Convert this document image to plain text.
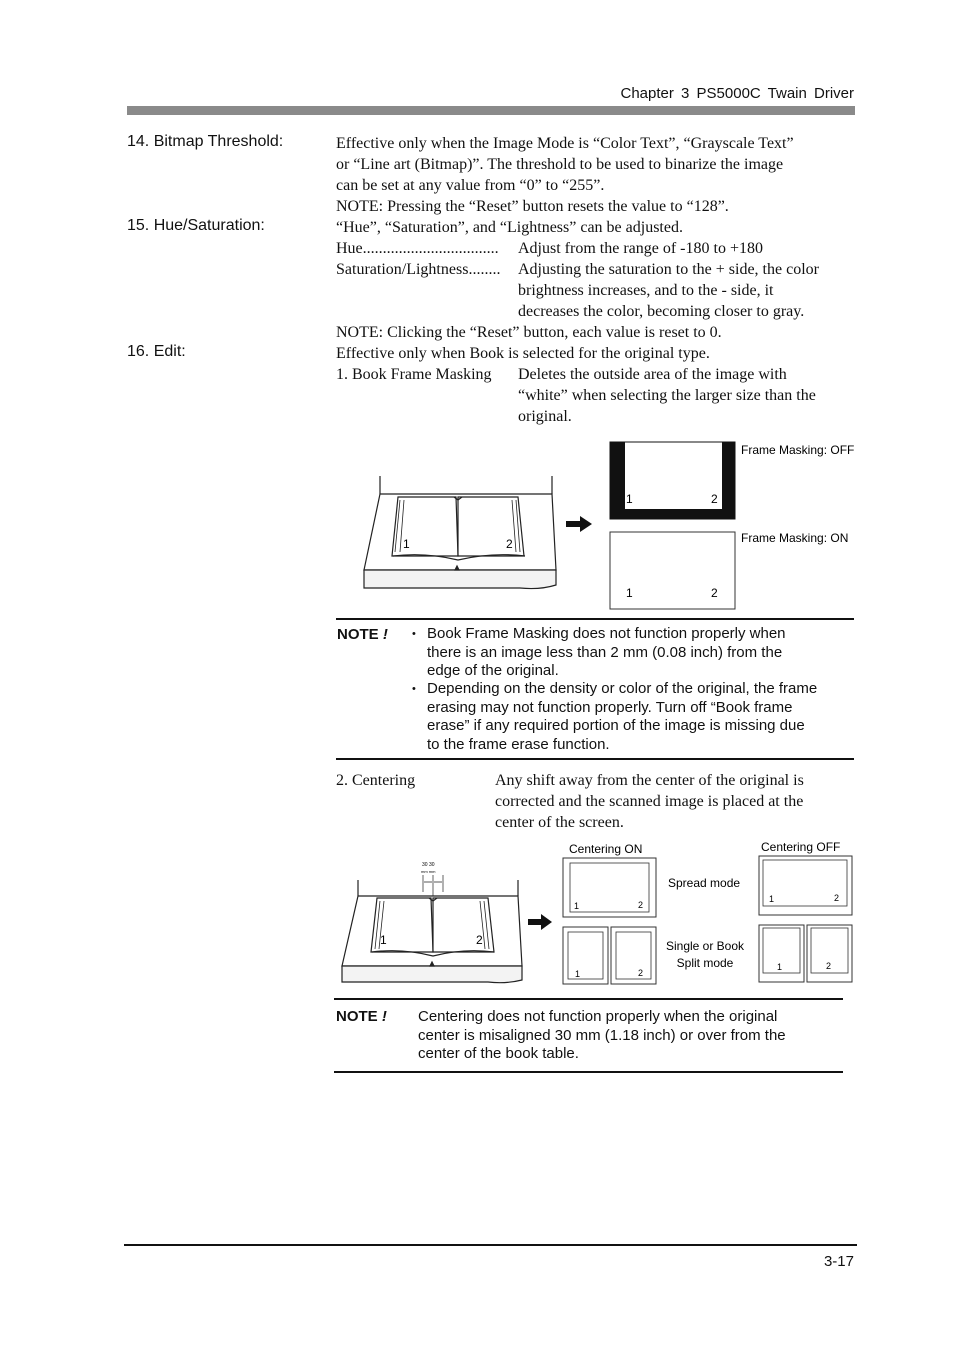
Chapter 3 PS5000C Twain Driver
14. Bitmap Threshold:	Effective only when the Image Mode is “Color Text”, “Grayscale Text”
or “Line art (Bitmap)”. The threshold to be used to binarize the image
can be set at any value from “0” to “255”.
NOTE: Pressing the “Reset” button resets the value to “128”.
15. Hue/Saturation:	“Hue”, “Saturation”, and “Lightness” can be adjusted.
Hue.................................. Adjust from the range of -180 to +180
Saturation/Lightness........ Adjusting the saturation to the + side, the color
brightness increases, and to the - side, it
decreases the color, becoming closer to gray.
NOTE: Clicking the “Reset” button, each value is reset to 0.
16. Edit:	Effective only when Book is selected for the original type.
1. Book Frame Masking Deletes the outside area of the image with
“white” when selecting the larger size than the
original.
1	2
1	2
Frame Masking: OFF
1	2
Frame Masking: ON
NOTE ! • Book Frame Masking does not function properly when
there is an image less than 2 mm (0.08 inch) from the
edge of the original.
• Depending on the density or color of the original, the frame
erasing may not function properly. Turn off “Book frame
erase” if any required portion of the image is missing due
to the frame erase function.
2. Centering	Any shift away from the center of the original is
corrected and the scanned image is placed at the
center of the screen.
30 30
mm mm
1	2
Centering ON
1	2
1	2
Spread mode
Single or Book
Split mode
Centering OFF
1	2
1	2
NOTE ! Centering does not function properly when the original
center is misaligned 30 mm (1.18 inch) or over from the
center of the book table.
3-17
